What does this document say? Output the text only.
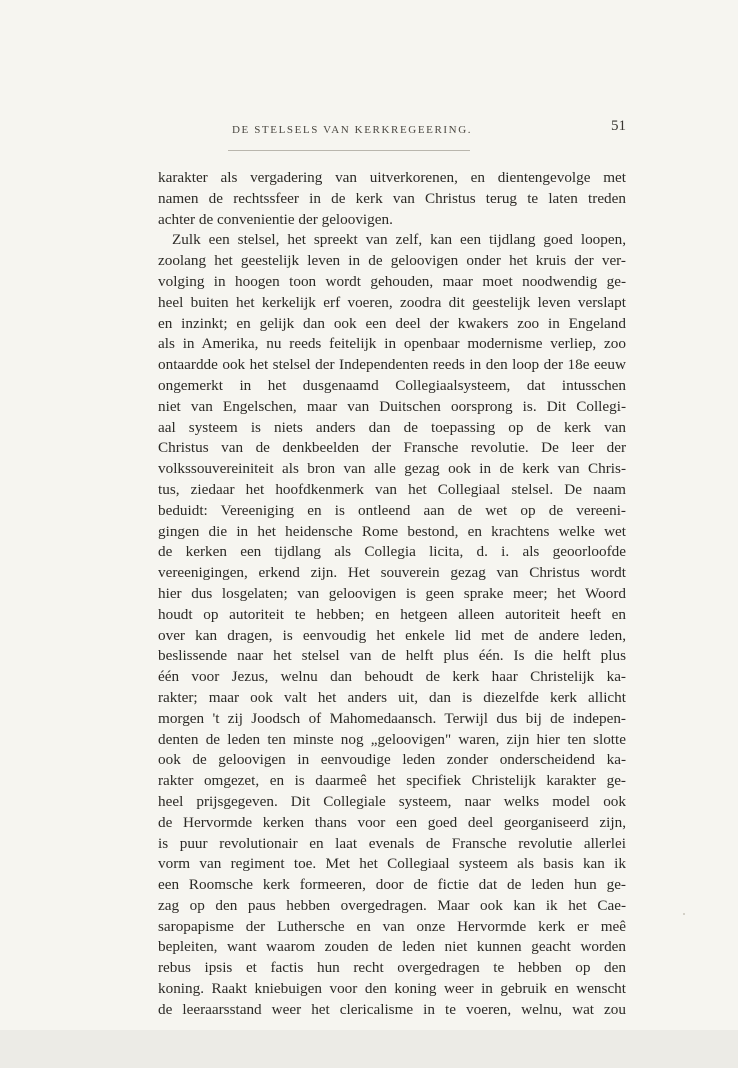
DE STELSELS VAN KERKREGEERING.	51
karakter als vergadering van uitverkorenen, en dientengevolge met
namen de rechtssfeer in de kerk van Christus terug te laten treden
achter de convenientie der geloovigen.
Zulk een stelsel, het spreekt van zelf, kan een tijdlang goed loopen,
zoolang het geestelijk leven in de geloovigen onder het kruis der ver-
volging in hoogen toon wordt gehouden, maar moet noodwendig ge-
heel buiten het kerkelijk erf voeren, zoodra dit geestelijk leven verslapt
en inzinkt; en gelijk dan ook een deel der kwakers zoo in Engeland
als in Amerika, nu reeds feitelijk in openbaar modernisme verliep, zoo
ontaardde ook het stelsel der Independenten reeds in den loop der 18e eeuw
ongemerkt in het dusgenaamd Collegiaalsysteem, dat intusschen
niet van Engelschen, maar van Duitschen oorsprong is. Dit Collegi-
aal systeem is niets anders dan de toepassing op de kerk van
Christus van de denkbeelden der Fransche revolutie. De leer der
volkssouvereiniteit als bron van alle gezag ook in de kerk van Chris-
tus, ziedaar het hoofdkenmerk van het Collegiaal stelsel. De naam
beduidt: Vereeniging en is ontleend aan de wet op de vereeni-
gingen die in het heidensche Rome bestond, en krachtens welke wet
de kerken een tijdlang als Collegia licita, d. i. als geoorloofde
vereenigingen, erkend zijn. Het souverein gezag van Christus wordt
hier dus losgelaten; van geloovigen is geen sprake meer; het Woord
houdt op autoriteit te hebben; en hetgeen alleen autoriteit heeft en
over kan dragen, is eenvoudig het enkele lid met de andere leden,
beslissende naar het stelsel van de helft plus één. Is die helft plus
één voor Jezus, welnu dan behoudt de kerk haar Christelijk ka-
rakter; maar ook valt het anders uit, dan is diezelfde kerk allicht
morgen 't zij Joodsch of Mahomedaansch. Terwijl dus bij de indepen-
denten de leden ten minste nog „geloovigen" waren, zijn hier ten slotte
ook de geloovigen in eenvoudige leden zonder onderscheidend ka-
rakter omgezet, en is daarmeê het specifiek Christelijk karakter ge-
heel prijsgegeven. Dit Collegiale systeem, naar welks model ook
de Hervormde kerken thans voor een goed deel georganiseerd zijn,
is puur revolutionair en laat evenals de Fransche revolutie allerlei
vorm van regiment toe. Met het Collegiaal systeem als basis kan ik
een Roomsche kerk formeeren, door de fictie dat de leden hun ge-
zag op den paus hebben overgedragen. Maar ook kan ik het Cae-
saropapisme der Luthersche en van onze Hervormde kerk er meê
bepleiten, want waarom zouden de leden niet kunnen geacht worden
rebus ipsis et factis hun recht overgedragen te hebben op den
koning. Raakt kniebuigen voor den koning weer in gebruik en wenscht
de leeraarsstand weer het clericalisme in te voeren, welnu, wat zou
